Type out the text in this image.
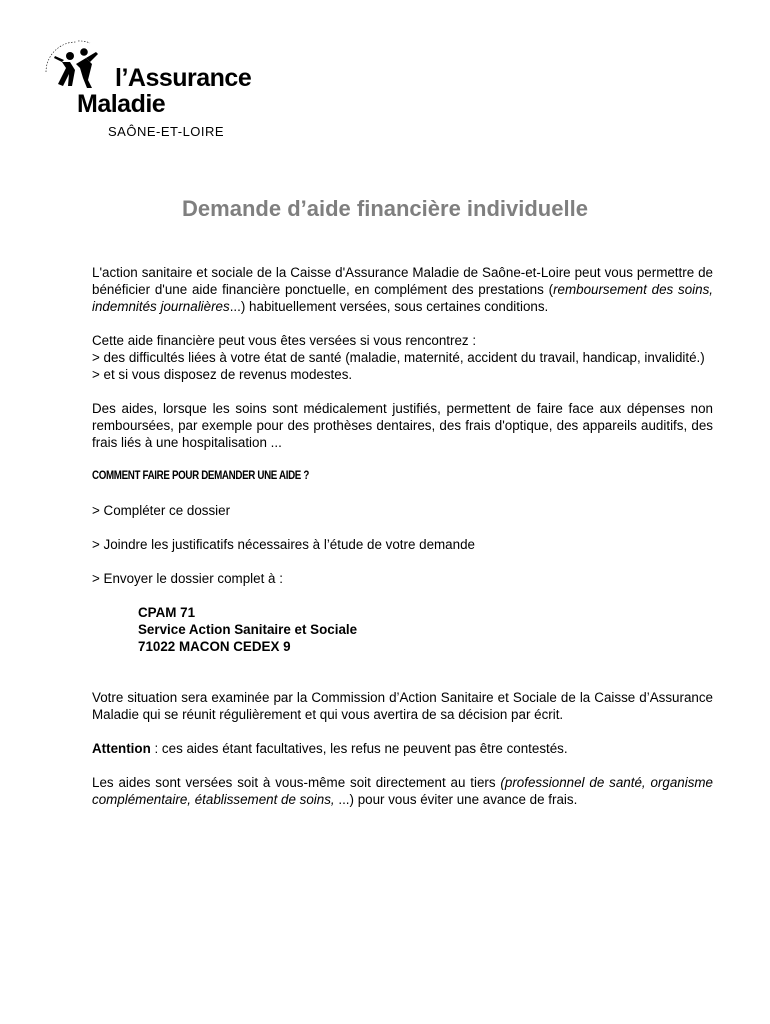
l’Assurance
Maladie
SAÔNE-ET-LOIRE
Demande d’aide financière individuelle

L'action sanitaire et sociale de la Caisse d'Assurance Maladie de Saône-et-Loire peut vous permettre de bénéficier d'une aide financière ponctuelle, en complément des prestations (remboursement des soins, indemnités journalières...) habituellement versées, sous certaines conditions.

Cette aide financière peut vous êtes versées si vous rencontrez :

> des difficultés liées à votre état de santé (maladie, maternité, accident du travail, handicap, invalidité.)

> et si vous disposez de revenus modestes.

Des aides, lorsque les soins sont médicalement justifiés, permettent de faire face aux dépenses non remboursées, par exemple pour des prothèses dentaires, des frais d'optique, des appareils auditifs, des frais liés à une hospitalisation ...

COMMENT FAIRE POUR DEMANDER UNE AIDE ?

> Compléter ce dossier

> Joindre les justificatifs nécessaires à l’étude de votre demande

> Envoyer le dossier complet à :

CPAM 71

Service Action Sanitaire et Sociale

71022 MACON CEDEX 9

Votre situation sera examinée par la Commission d’Action Sanitaire et Sociale de la Caisse d’Assurance Maladie qui se réunit régulièrement et qui vous avertira de sa décision par écrit.

Attention : ces aides étant facultatives, les refus ne peuvent pas être contestés.

Les aides sont versées soit à vous-même soit directement au tiers (professionnel de santé, organisme complémentaire, établissement de soins, ...) pour vous éviter une avance de frais.
